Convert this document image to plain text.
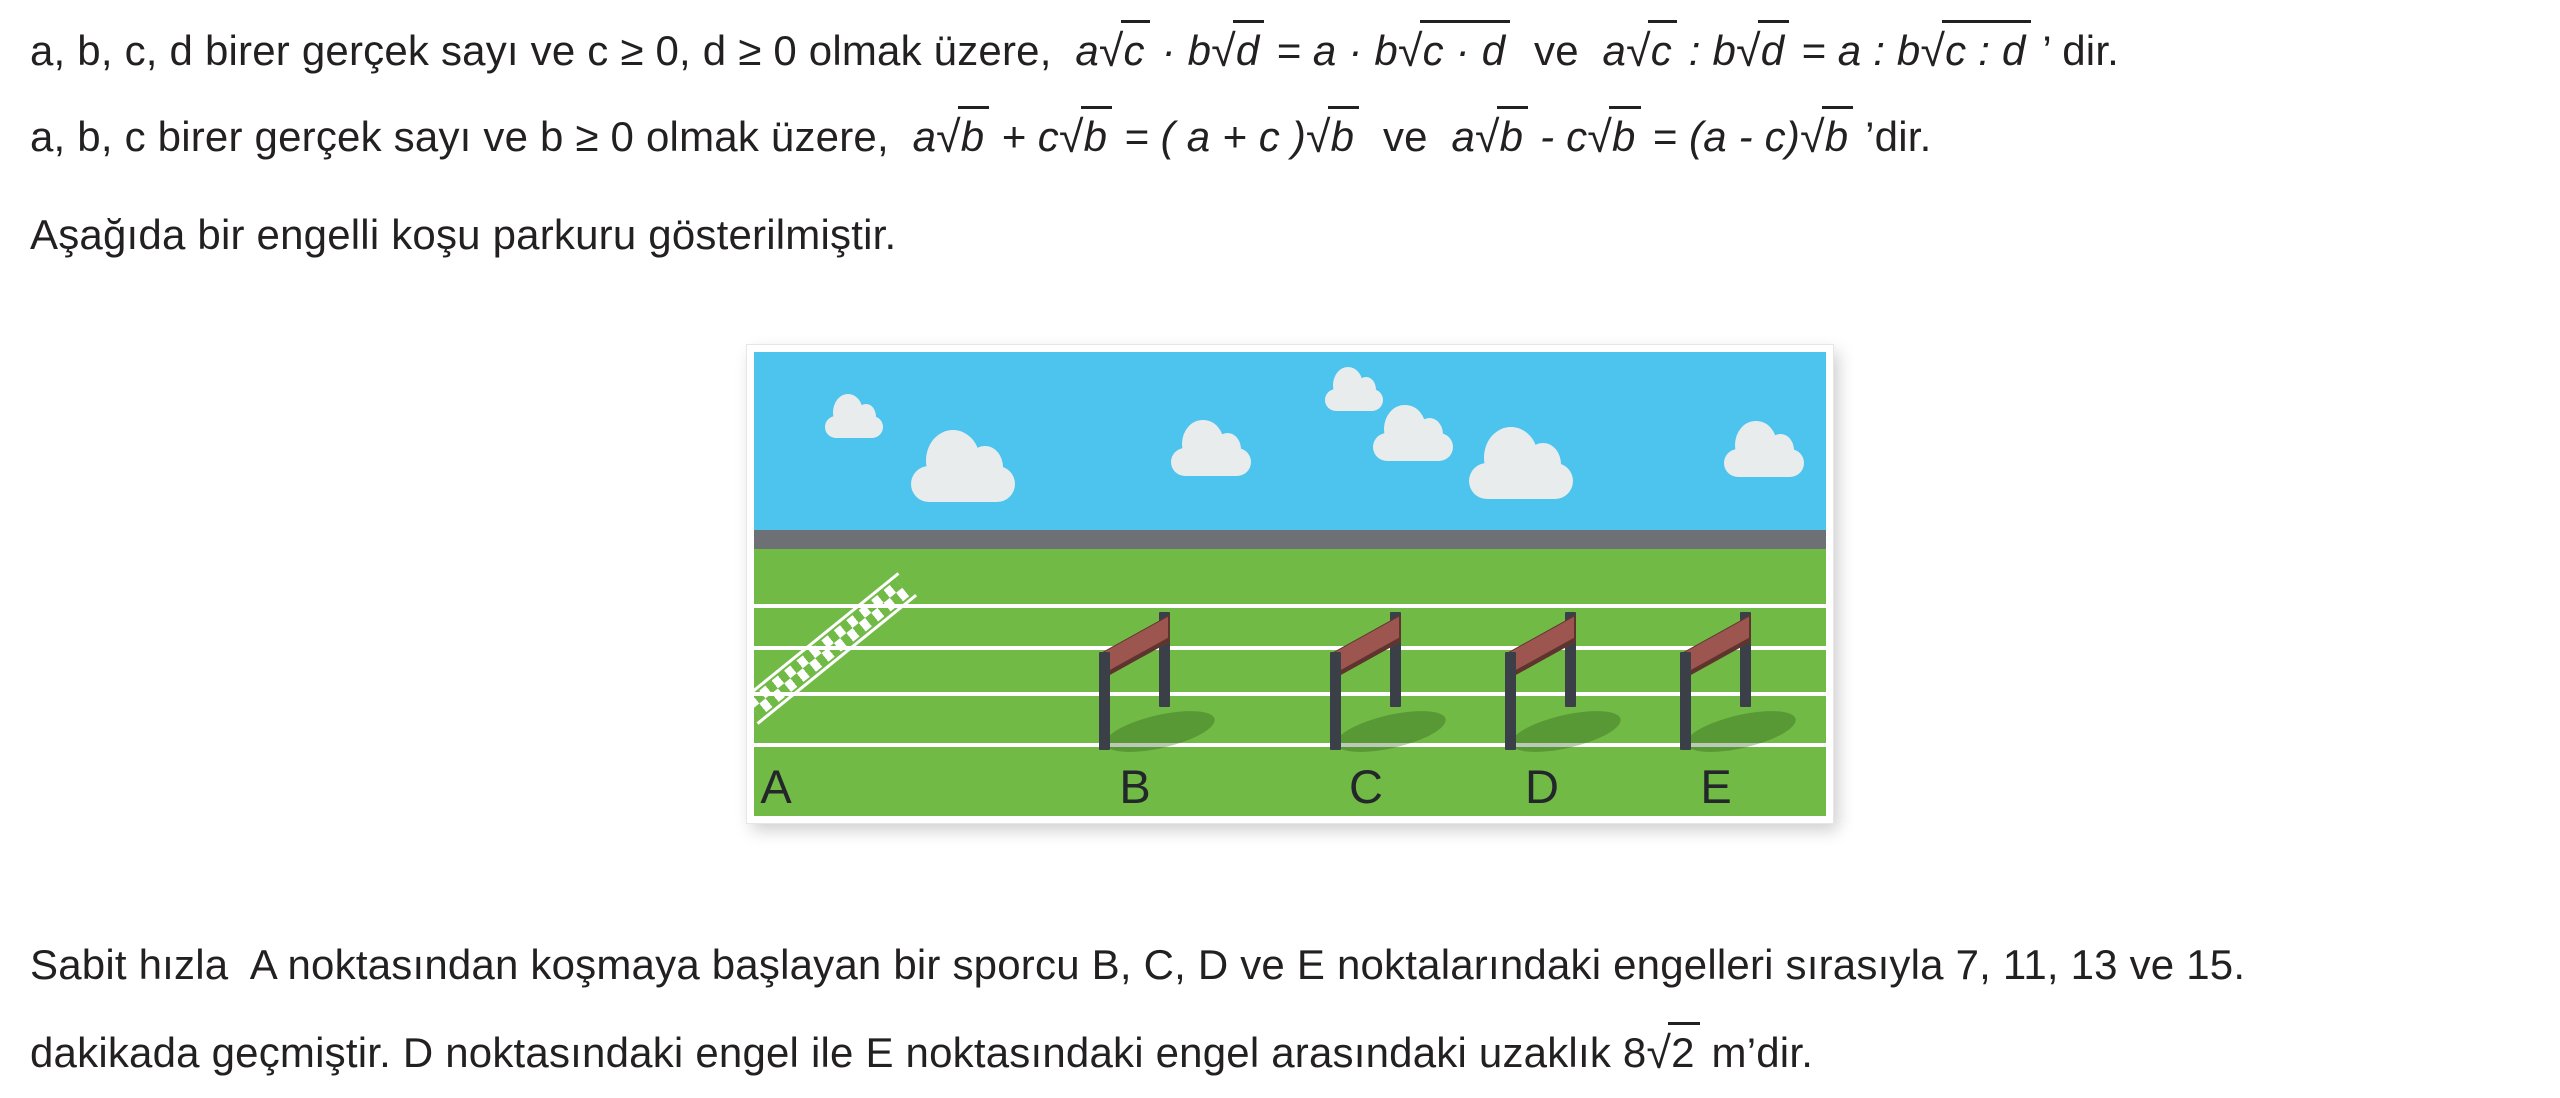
a, b, c, d birer gerçek sayı ve c ≥ 0, d ≥ 0 olmak üzere,  a√c · b√d = a · b√c · d  ve  a√c : b√d = a : b√c : d ’ dir.
a, b, c birer gerçek sayı ve b ≥ 0 olmak üzere,  a√b + c√b = ( a + c )√b  ve  a√b - c√b = (a - c)√b ’dir.
Aşağıda bir engelli koşu parkuru gösterilmiştir.
Sabit hızla  A noktasından koşmaya başlayan bir sporcu B, C, D ve E noktalarındaki engelleri sırasıyla 7, 11, 13 ve 15.
dakikada geçmiştir. D noktasındaki engel ile E noktasındaki engel arasındaki uzaklık 8√2 m’dir.
A	B	C	D	E
